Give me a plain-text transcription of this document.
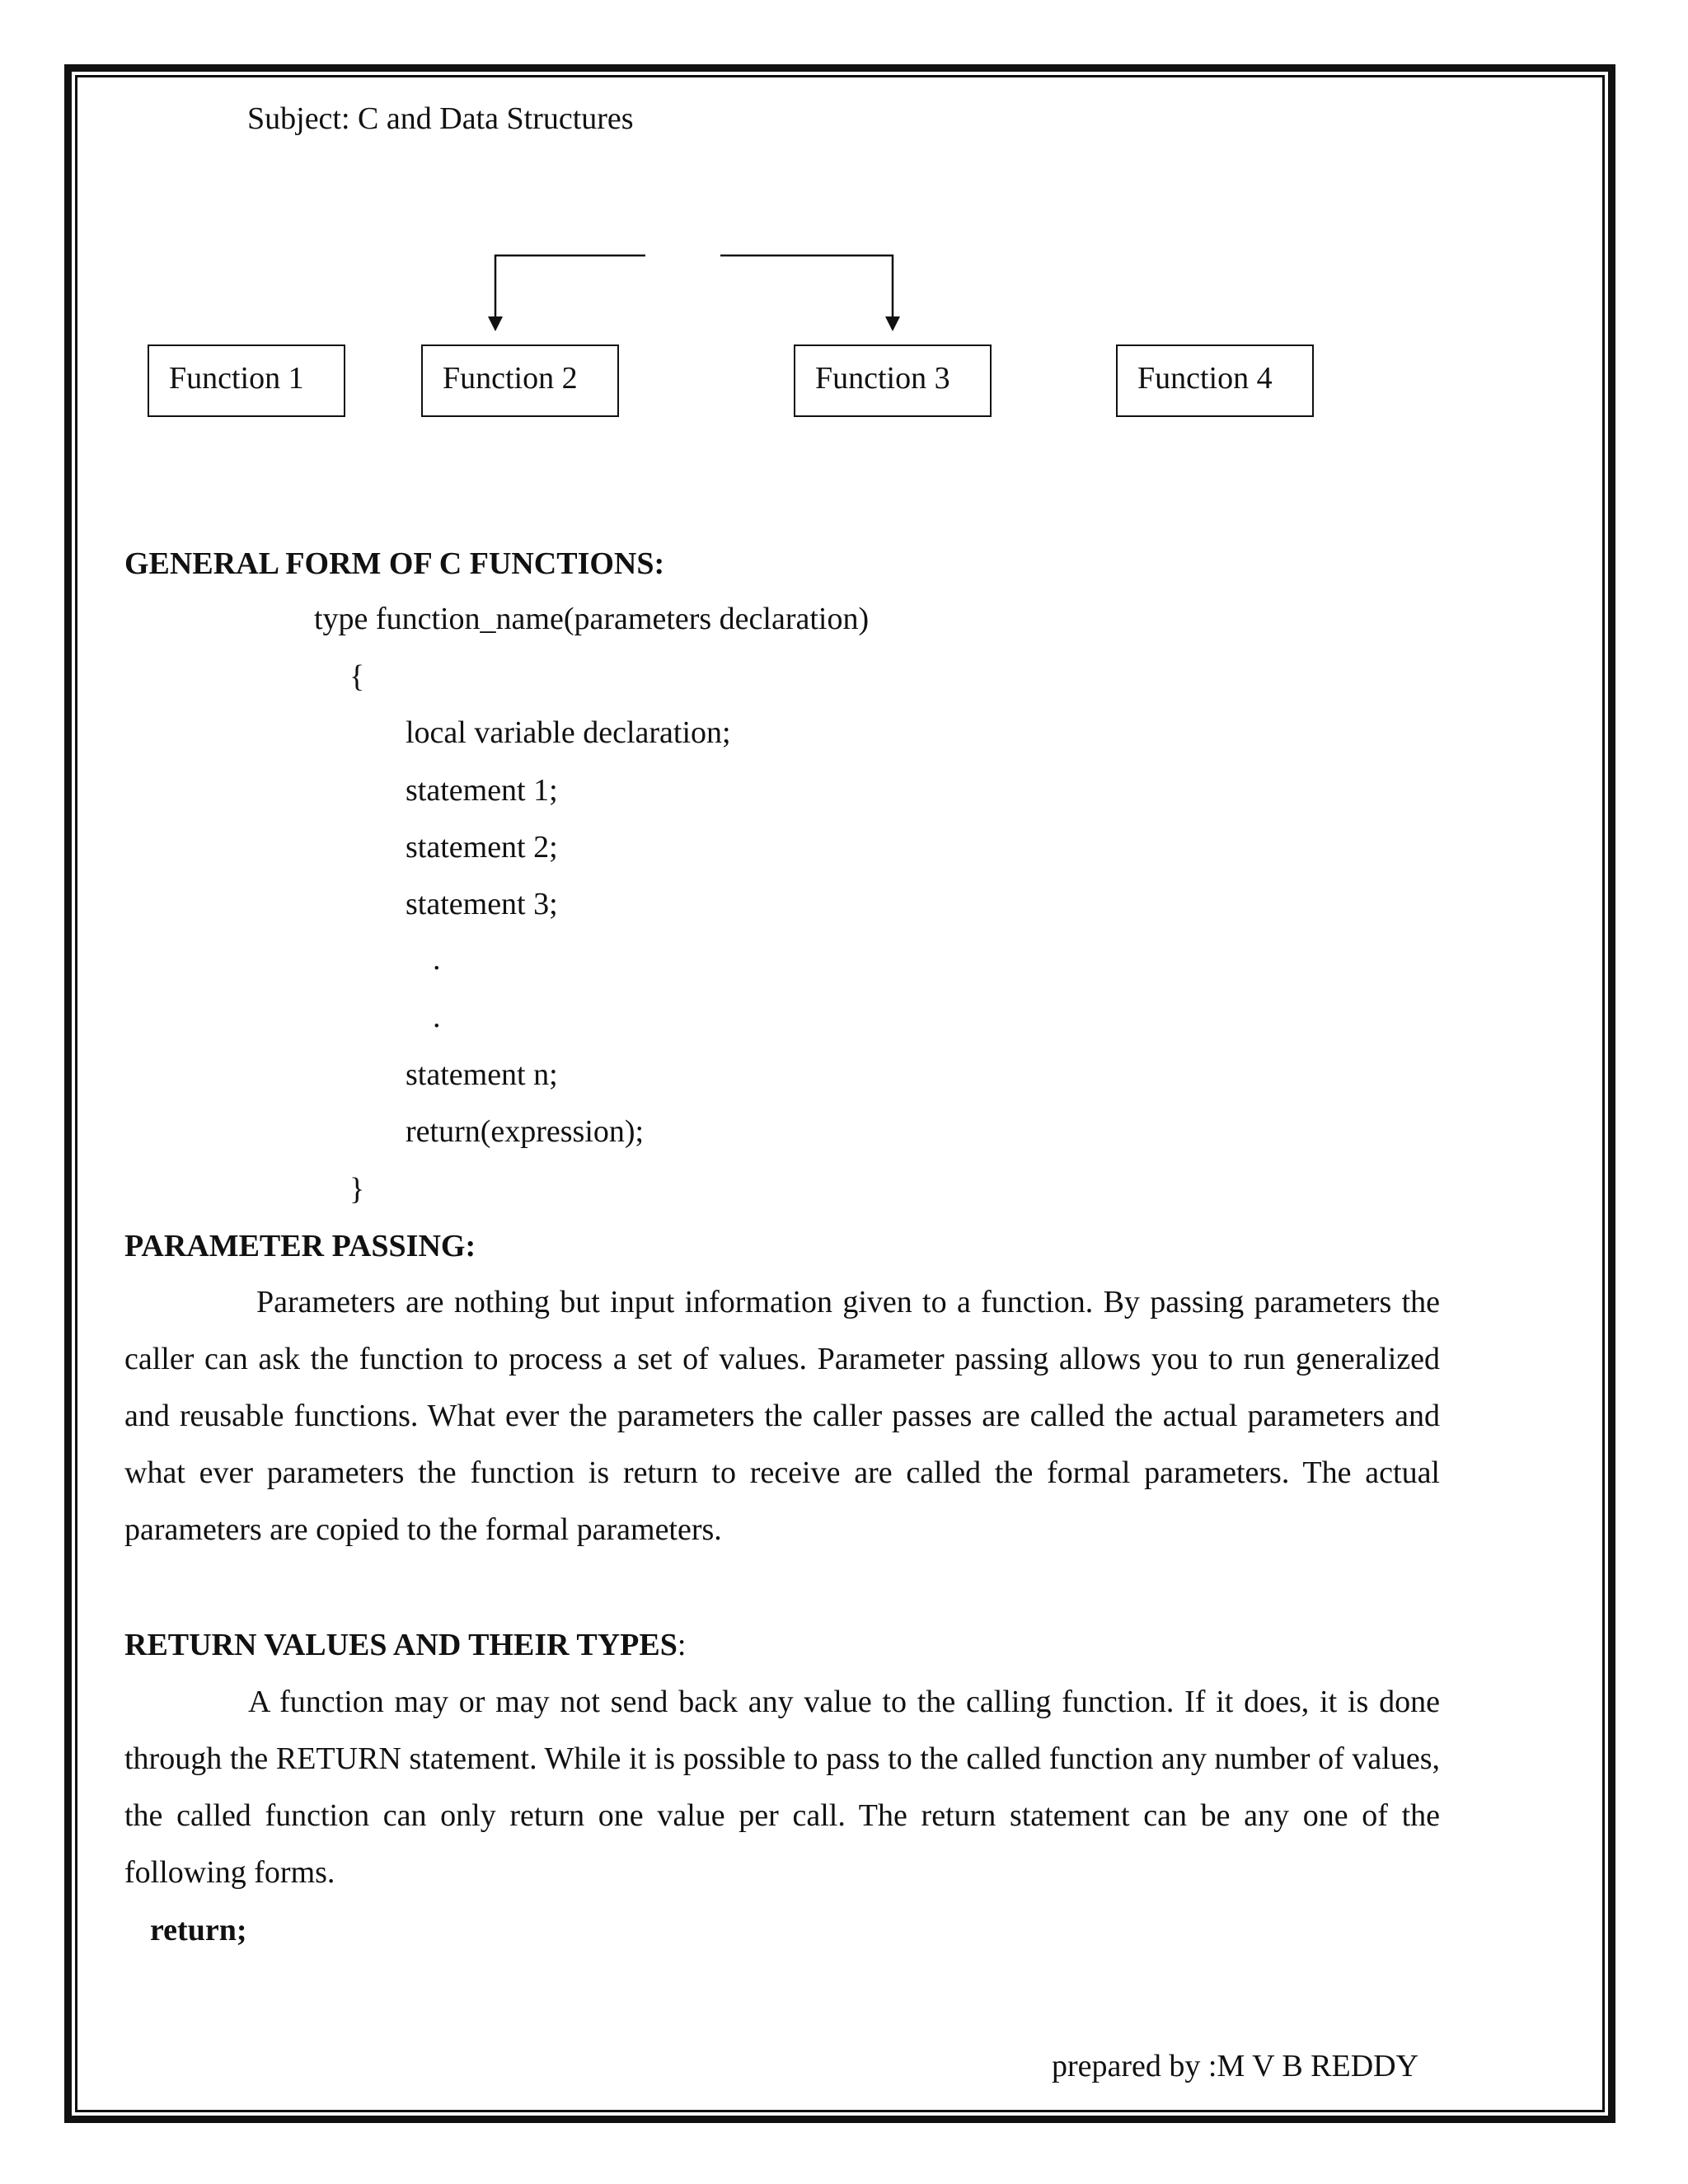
Subject: C and Data Structures
Function 1	Function 2	Function 3	Function 4
GENERAL FORM OF C FUNCTIONS:
type function_name(parameters declaration)
{
local variable declaration;
statement 1;
statement 2;
statement 3;
.
.
statement n;
return(expression);
}
PARAMETER PASSING:

Parameters are nothing but input information given to a function. By passing parameters the caller can ask the function to process a set of values. Parameter passing allows you to run generalized and reusable functions. What ever the parameters the caller passes are called the actual parameters and what ever parameters the function is return to receive are called the formal parameters. The actual parameters are copied to the formal parameters.

RETURN VALUES AND THEIR TYPES:

A function may or may not send back any value to the calling function. If it does, it is done through the RETURN statement. While it is possible to pass to the called function any number of values, the called function can only return one value per call. The return statement can be any one of the following forms.

return;
prepared by :M V B REDDY
